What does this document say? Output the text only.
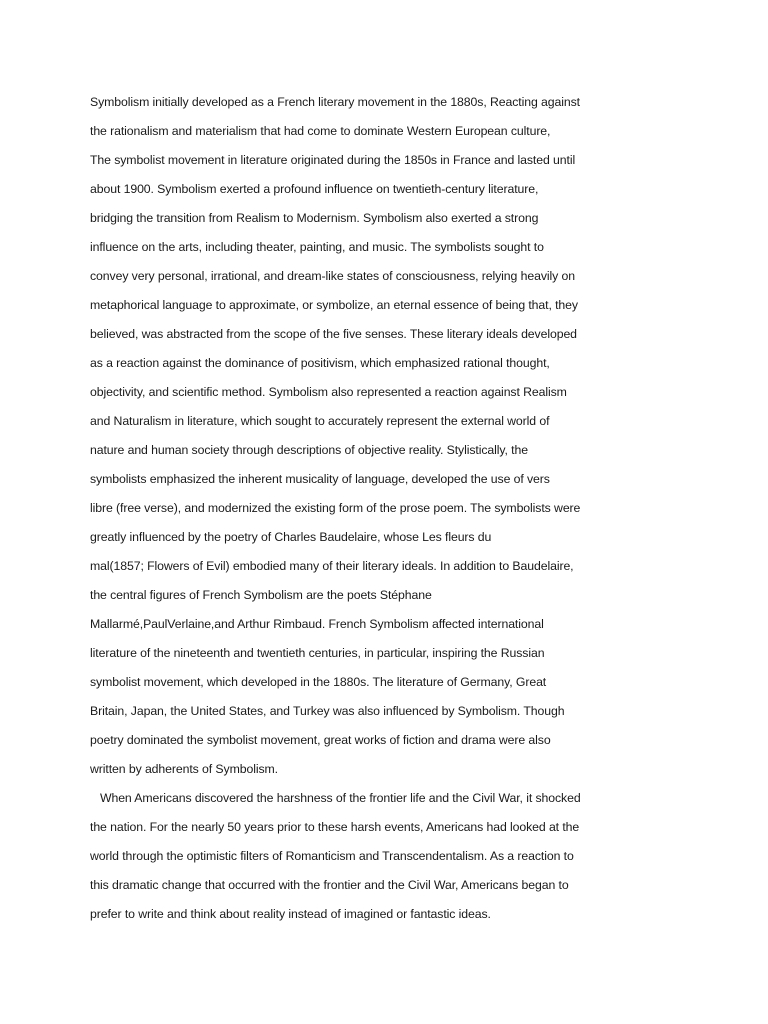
Symbolism initially developed as a French literary movement in the 1880s, Reacting against
the rationalism and materialism that had come to dominate Western European culture,
The symbolist movement in literature originated during the 1850s in France and lasted until
about 1900. Symbolism exerted a profound influence on twentieth-century literature,
bridging the transition from Realism to Modernism. Symbolism also exerted a strong
influence on the arts, including theater, painting, and music. The symbolists sought to
convey very personal, irrational, and dream-like states of consciousness, relying heavily on
metaphorical language to approximate, or symbolize, an eternal essence of being that, they
believed, was abstracted from the scope of the five senses. These literary ideals developed
as a reaction against the dominance of positivism, which emphasized rational thought,
objectivity, and scientific method. Symbolism also represented a reaction against Realism
and Naturalism in literature, which sought to accurately represent the external world of
nature and human society through descriptions of objective reality. Stylistically, the
symbolists emphasized the inherent musicality of language, developed the use of vers
libre (free verse), and modernized the existing form of the prose poem. The symbolists were
greatly influenced by the poetry of Charles Baudelaire, whose Les fleurs du
mal(1857; Flowers of Evil) embodied many of their literary ideals. In addition to Baudelaire,
the central figures of French Symbolism are the poets Stéphane
Mallarmé,PaulVerlaine,and Arthur Rimbaud. French Symbolism affected international
literature of the nineteenth and twentieth centuries, in particular, inspiring the Russian
symbolist movement, which developed in the 1880s. The literature of Germany, Great
Britain, Japan, the United States, and Turkey was also influenced by Symbolism. Though
poetry dominated the symbolist movement, great works of fiction and drama were also
written by adherents of Symbolism.
When Americans discovered the harshness of the frontier life and the Civil War, it shocked
the nation. For the nearly 50 years prior to these harsh events, Americans had looked at the
world through the optimistic filters of Romanticism and Transcendentalism. As a reaction to
this dramatic change that occurred with the frontier and the Civil War, Americans began to
prefer to write and think about reality instead of imagined or fantastic ideas.
